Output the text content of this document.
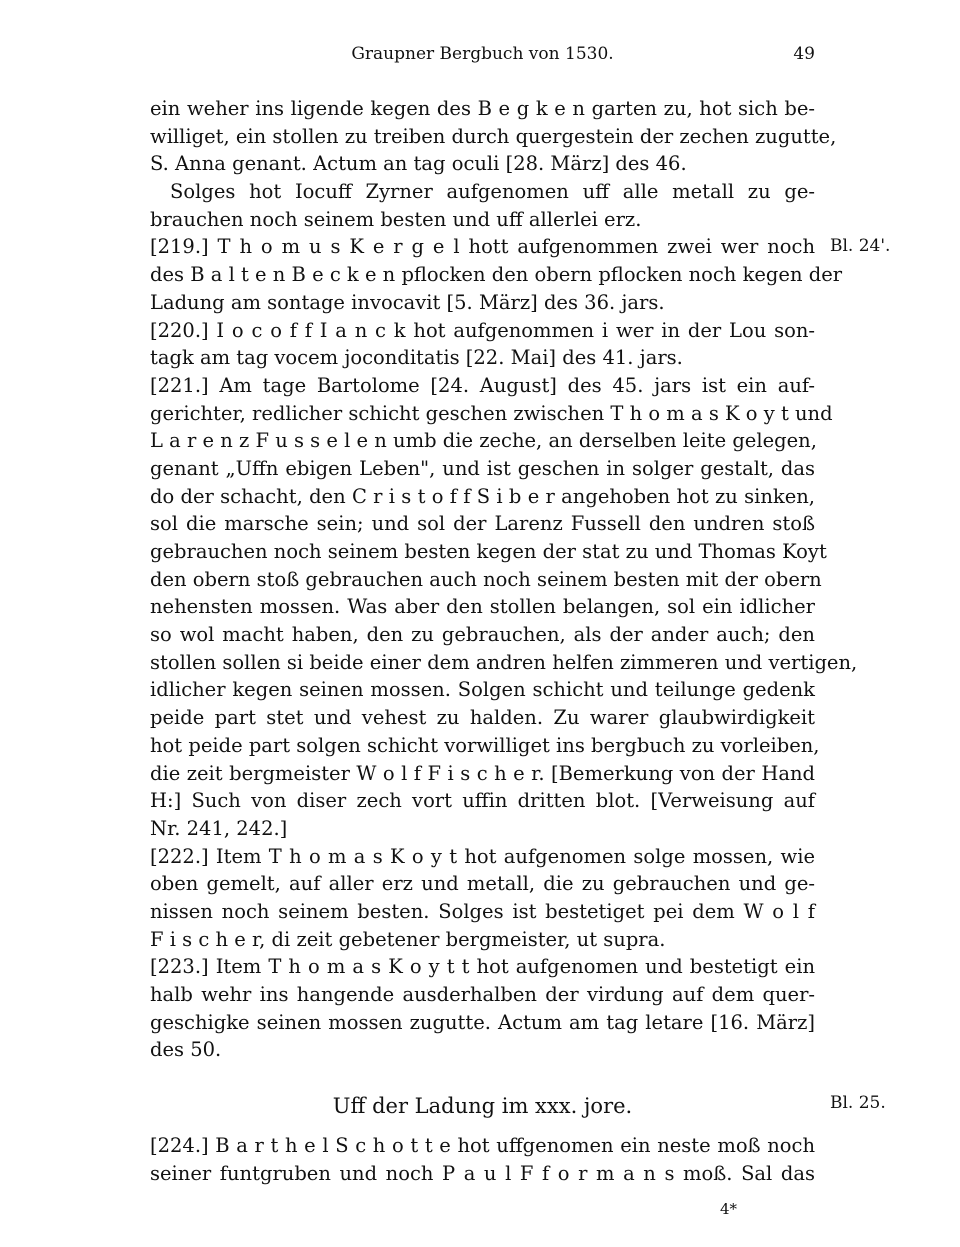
Graupner Bergbuch von 1530.	49
ein weher ins ligende kegen des B e g k e n garten zu, hot sich be-
williget, ein stollen zu treiben durch quergestein der zechen zugutte,
S. Anna genant. Actum an tag oculi [28. März] des 46.
Solges hot Iocuff Zyrner aufgenomen uff alle metall zu ge-
brauchen noch seinem besten und uff allerlei erz.
[219.] T h o m u s K e r g e l hott aufgenommen zwei wer noch Bl. 24'.
des B a l t e n B e c k e n pflocken den obern pflocken noch kegen der
Ladung am sontage invocavit [5. März] des 36. jars.
[220.] I o c o f f I a n c k hot aufgenommen i wer in der Lou son-
tagk am tag vocem joconditatis [22. Mai] des 41. jars.
[221.] Am tage Bartolome [24. August] des 45. jars ist ein auf-
gerichter, redlicher schicht geschen zwischen T h o m a s K o y t und
L a r e n z F u s s e l e n umb die zeche, an derselben leite gelegen,
genant „Uffn ebigen Leben", und ist geschen in solger gestalt, das
do der schacht, den C r i s t o f f S i b e r angehoben hot zu sinken,
sol die marsche sein; und sol der Larenz Fussell den undren stoß
gebrauchen noch seinem besten kegen der stat zu und Thomas Koyt
den obern stoß gebrauchen auch noch seinem besten mit der obern
nehensten mossen. Was aber den stollen belangen, sol ein idlicher
so wol macht haben, den zu gebrauchen, als der ander auch; den
stollen sollen si beide einer dem andren helfen zimmeren und vertigen,
idlicher kegen seinen mossen. Solgen schicht und teilunge gedenk
peide part stet und vehest zu halden. Zu warer glaubwirdigkeit
hot peide part solgen schicht vorwilliget ins bergbuch zu vorleiben,
die zeit bergmeister W o l f F i s c h e r. [Bemerkung von der Hand
H:] Such von diser zech vort uffin dritten blot. [Verweisung auf
Nr. 241, 242.]
[222.] Item T h o m a s K o y t hot aufgenomen solge mossen, wie
oben gemelt, auf aller erz und metall, die zu gebrauchen und ge-
nissen noch seinem besten. Solges ist bestetiget pei dem W o l f
F i s c h e r, di zeit gebetener bergmeister, ut supra.
[223.] Item T h o m a s K o y t t hot aufgenomen und bestetigt ein
halb wehr ins hangende ausderhalben der virdung auf dem quer-
geschigke seinen mossen zugutte. Actum am tag letare [16. März]
des 50.
Uff der Ladung im xxx. jore.	Bl. 25.
[224.] B a r t h e l S c h o t t e hot uffgenomen ein neste moß noch
seiner funtgruben und noch P a u l F f o r m a n s moß. Sal das
4*
